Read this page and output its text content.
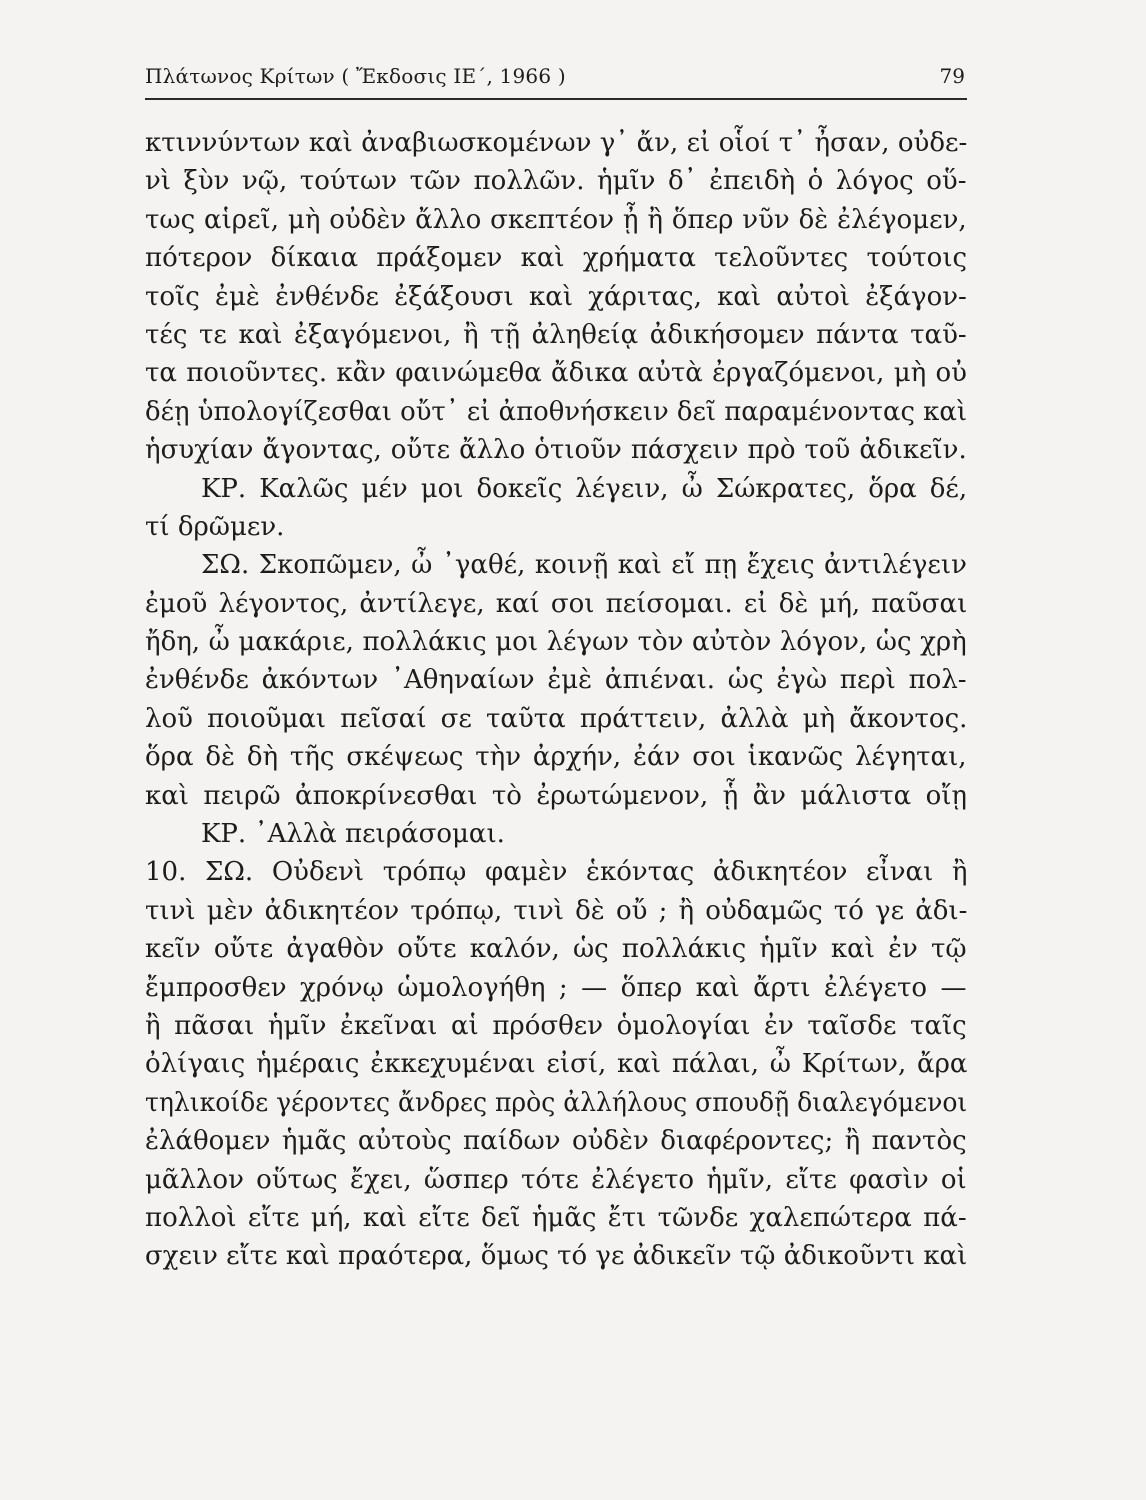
Πλάτωνος Κρίτων ( Ἔκδοσις ΙΕ΄, 1966 )	79
κτιννύντων καὶ ἀναβιωσκομένων γ᾽ ἄν, εἰ οἷοί τ᾽ ἦσαν, οὐδε-
νὶ ξὺν νῷ, τούτων τῶν πολλῶν. ἡμῖν δ᾽ ἐπειδὴ ὁ λόγος οὕ-
τως αἱρεῖ, μὴ οὐδὲν ἄλλο σκεπτέον ᾖ ἢ ὅπερ νῦν δὲ ἐλέγομεν,
πότερον δίκαια πράξομεν καὶ χρήματα τελοῦντες τούτοις
τοῖς ἐμὲ ἐνθένδε ἐξάξουσι καὶ χάριτας, καὶ αὐτοὶ ἐξάγον-
τές τε καὶ ἐξαγόμενοι, ἢ τῇ ἀληθείᾳ ἀδικήσομεν πάντα ταῦ-
τα ποιοῦντες. κἂν φαινώμεθα ἄδικα αὐτὰ ἐργαζόμενοι, μὴ οὐ
δέῃ ὑπολογίζεσθαι οὔτ᾽ εἰ ἀποθνήσκειν δεῖ παραμένοντας καὶ
ἡσυχίαν ἄγοντας, οὔτε ἄλλο ὁτιοῦν πάσχειν πρὸ τοῦ ἀδικεῖν.
ΚΡ. Καλῶς μέν μοι δοκεῖς λέγειν, ὦ Σώκρατες, ὅρα δέ,
τί δρῶμεν.
ΣΩ. Σκοπῶμεν, ὦ ᾿γαθέ, κοινῇ καὶ εἴ πῃ ἔχεις ἀντιλέγειν
ἐμοῦ λέγοντος, ἀντίλεγε, καί σοι πείσομαι. εἰ δὲ μή, παῦσαι
ἤδη, ὦ μακάριε, πολλάκις μοι λέγων τὸν αὐτὸν λόγον, ὡς χρὴ
ἐνθένδε ἀκόντων ᾿Αθηναίων ἐμὲ ἀπιέναι. ὡς ἐγὼ περὶ πολ-
λοῦ ποιοῦμαι πεῖσαί σε ταῦτα πράττειν, ἀλλὰ μὴ ἄκοντος.
ὅρα δὲ δὴ τῆς σκέψεως τὴν ἀρχήν, ἐάν σοι ἱκανῶς λέγηται,
καὶ πειρῶ ἀποκρίνεσθαι τὸ ἐρωτώμενον, ᾗ ἂν μάλιστα οἴῃ
ΚΡ. ᾿Αλλὰ πειράσομαι.
10. ΣΩ. Οὐδενὶ τρόπῳ φαμὲν ἑκόντας ἀδικητέον εἶναι ἢ
τινὶ μὲν ἀδικητέον τρόπῳ, τινὶ δὲ οὔ ; ἢ οὐδαμῶς τό γε ἀδι-
κεῖν οὔτε ἀγαθὸν οὔτε καλόν, ὡς πολλάκις ἡμῖν καὶ ἐν τῷ
ἔμπροσθεν χρόνῳ ὡμολογήθη ; — ὅπερ καὶ ἄρτι ἐλέγετο —
ἢ πᾶσαι ἡμῖν ἐκεῖναι αἱ πρόσθεν ὁμολογίαι ἐν ταῖσδε ταῖς
ὀλίγαις ἡμέραις ἐκκεχυμέναι εἰσί, καὶ πάλαι, ὦ Κρίτων, ἄρα
τηλικοίδε γέροντες ἄνδρες πρὸς ἀλλήλους σπουδῇ διαλεγόμενοι
ἐλάθομεν ἡμᾶς αὐτοὺς παίδων οὐδὲν διαφέροντες; ἢ παντὸς
μᾶλλον οὕτως ἔχει, ὥσπερ τότε ἐλέγετο ἡμῖν, εἴτε φασὶν οἱ
πολλοὶ εἴτε μή, καὶ εἴτε δεῖ ἡμᾶς ἔτι τῶνδε χαλεπώτερα πά-
σχειν εἴτε καὶ πραότερα, ὅμως τό γε ἀδικεῖν τῷ ἀδικοῦντι καὶ
